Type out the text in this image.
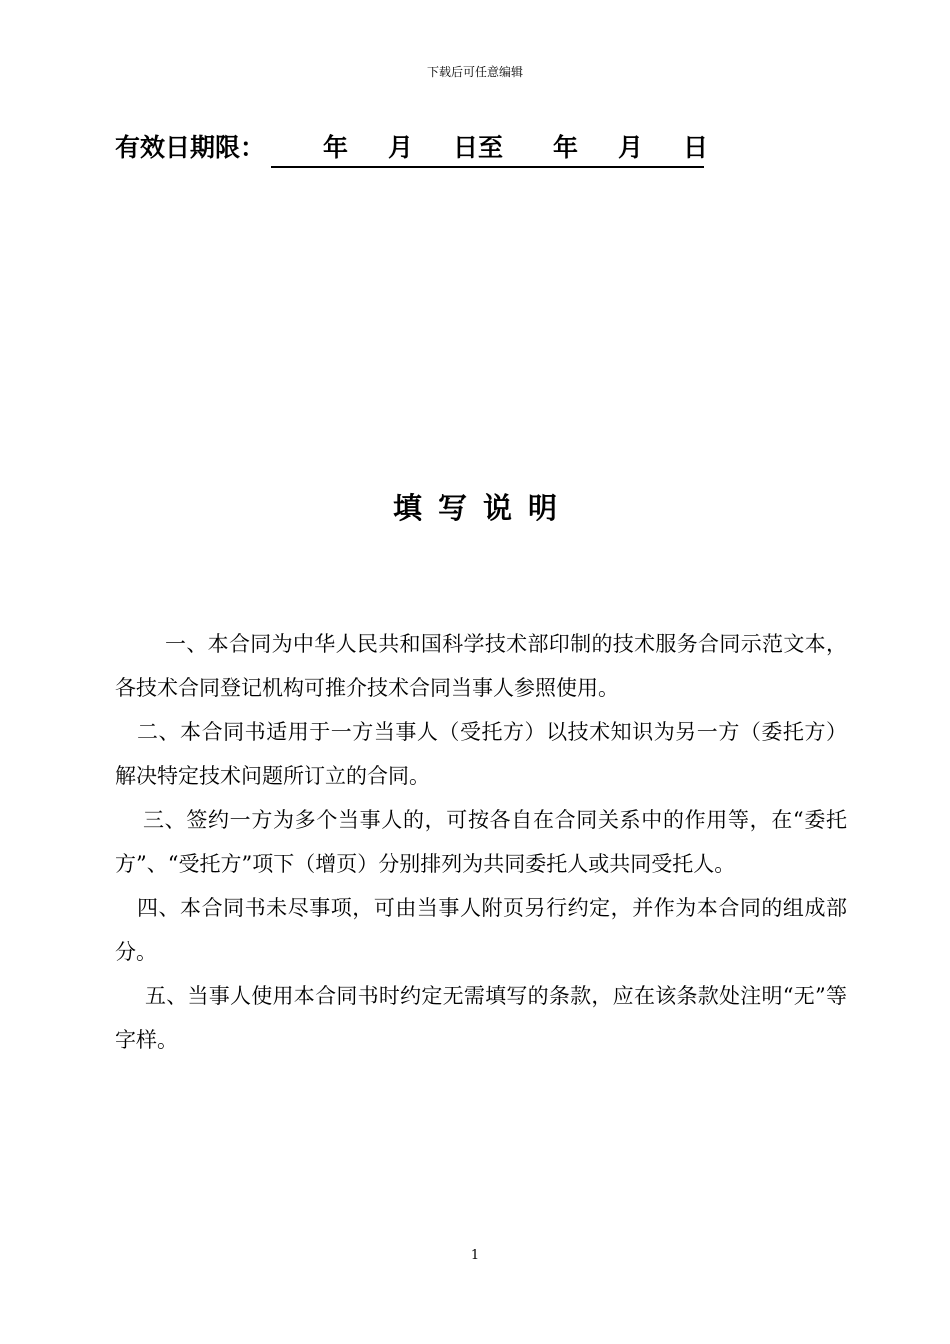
下载后可任意编辑
有效日期限： 年 月 日至 年 月 日
填写说明

一、本合同为中华人民共和国科学技术部印制的技术服务合同示范文本，各技术合同登记机构可推介技术合同当事人参照使用。

二、本合同书适用于一方当事人（受托方）以技术知识为另一方（委托方）解决特定技术问题所订立的合同。

三、签约一方为多个当事人的，可按各自在合同关系中的作用等，在“委托方”、“受托方”项下（增页）分别排列为共同委托人或共同受托人。

四、本合同书未尽事项，可由当事人附页另行约定，并作为本合同的组成部分。

五、当事人使用本合同书时约定无需填写的条款，应在该条款处注明“无”等字样。

1
